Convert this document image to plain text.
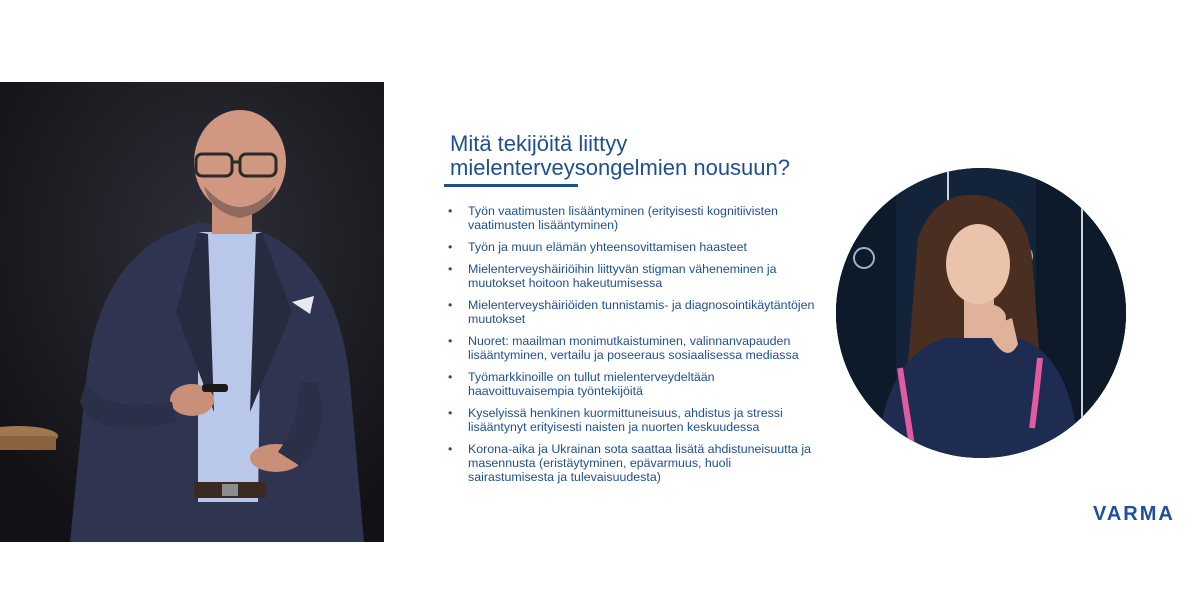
Mitä tekijöitä liittyy mielenterveysongelmien nousuun?
• Työn vaatimusten lisääntyminen (erityisesti kognitiivisten vaatimusten lisääntyminen)
• Työn ja muun elämän yhteensovittamisen haasteet
• Mielenterveyshäiriöihin liittyvän stigman väheneminen ja muutokset hoitoon hakeutumisessa
• Mielenterveyshäiriöiden tunnistamis- ja diagnosointikäytäntöjen muutokset
• Nuoret: maailman monimutkaistuminen, valinnanvapauden lisääntyminen, vertailu ja poseeraus sosiaalisessa mediassa
• Työmarkkinoille on tullut mielenterveydeltään haavoittuvaisempia työntekijöitä
• Kyselyissä henkinen kuormittuneisuus, ahdistus ja stressi lisääntynyt erityisesti naisten ja nuorten keskuudessa
• Korona-aika ja Ukrainan sota saattaa lisätä ahdistuneisuutta ja masennusta (eristäytyminen, epävarmuus, huoli sairastumisesta ja tulevaisuudesta)
VARMA
